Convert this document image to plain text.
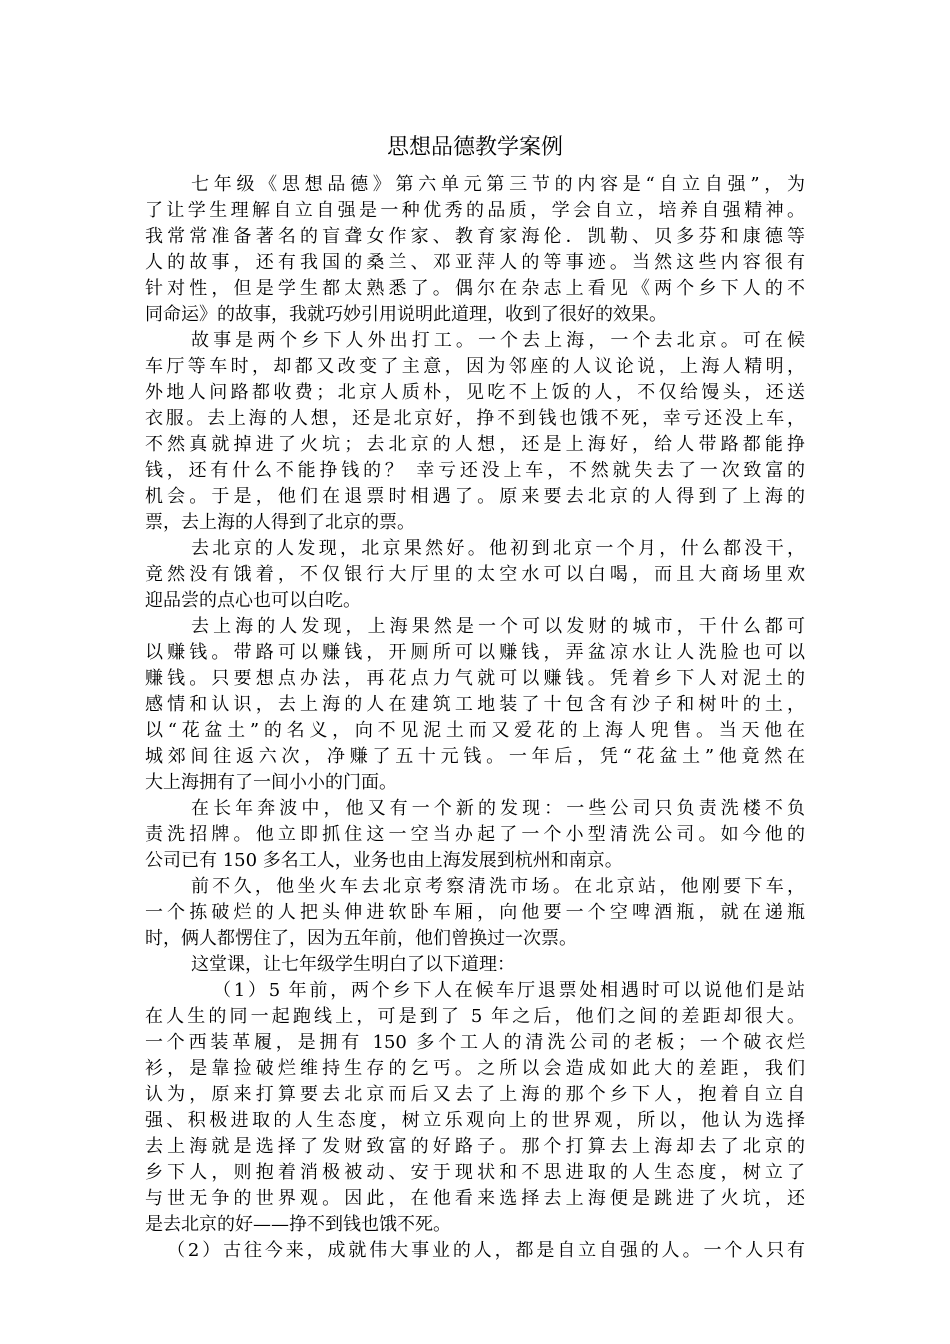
思想品德教学案例
七年级《思想品德》第六单元第三节的内容是“自立自强”，为
了让学生理解自立自强是一种优秀的品质，学会自立，培养自强精神。
我常常准备著名的盲聋女作家、教育家海伦．凯勒、贝多芬和康德等
人的故事，还有我国的桑兰、邓亚萍人的等事迹。当然这些内容很有
针对性，但是学生都太熟悉了。偶尔在杂志上看见《两个乡下人的不
同命运》的故事，我就巧妙引用说明此道理，收到了很好的效果。
故事是两个乡下人外出打工。一个去上海，一个去北京。可在候
车厅等车时，却都又改变了主意，因为邻座的人议论说，上海人精明，
外地人问路都收费；北京人质朴，见吃不上饭的人，不仅给馒头，还送
衣服。去上海的人想，还是北京好，挣不到钱也饿不死，幸亏还没上车，
不然真就掉进了火坑；去北京的人想，还是上海好，给人带路都能挣
钱，还有什么不能挣钱的？ 幸亏还没上车，不然就失去了一次致富的
机会。于是，他们在退票时相遇了。原来要去北京的人得到了上海的
票，去上海的人得到了北京的票。
去北京的人发现，北京果然好。他初到北京一个月，什么都没干，
竟然没有饿着，不仅银行大厅里的太空水可以白喝，而且大商场里欢
迎品尝的点心也可以白吃。
去上海的人发现，上海果然是一个可以发财的城市，干什么都可
以赚钱。带路可以赚钱，开厕所可以赚钱，弄盆凉水让人洗脸也可以
赚钱。只要想点办法，再花点力气就可以赚钱。凭着乡下人对泥土的
感情和认识，去上海的人在建筑工地装了十包含有沙子和树叶的土，
以“花盆土”的名义，向不见泥土而又爱花的上海人兜售。当天他在
城郊间往返六次，净赚了五十元钱。一年后，凭“花盆土”他竟然在
大上海拥有了一间小小的门面。
在长年奔波中，他又有一个新的发现：一些公司只负责洗楼不负
责洗招牌。他立即抓住这一空当办起了一个小型清洗公司。如今他的
公司已有 150 多名工人，业务也由上海发展到杭州和南京。
前不久，他坐火车去北京考察清洗市场。在北京站，他刚要下车，
一个拣破烂的人把头伸进软卧车厢，向他要一个空啤酒瓶，就在递瓶
时，俩人都愣住了，因为五年前，他们曾换过一次票。
这堂课，让七年级学生明白了以下道理：
（1）5 年前，两个乡下人在候车厅退票处相遇时可以说他们是站
在人生的同一起跑线上，可是到了 5 年之后，他们之间的差距却很大。
一个西装革履，是拥有 150 多个工人的清洗公司的老板；一个破衣烂
衫，是靠捡破烂维持生存的乞丐。之所以会造成如此大的差距，我们
认为，原来打算要去北京而后又去了上海的那个乡下人，抱着自立自
强、积极进取的人生态度，树立乐观向上的世界观，所以，他认为选择
去上海就是选择了发财致富的好路子。那个打算去上海却去了北京的
乡下人，则抱着消极被动、安于现状和不思进取的人生态度，树立了
与世无争的世界观。因此，在他看来选择去上海便是跳进了火坑，还
是去北京的好——挣不到钱也饿不死。
（2）古往今来，成就伟大事业的人，都是自立自强的人。一个人只有
